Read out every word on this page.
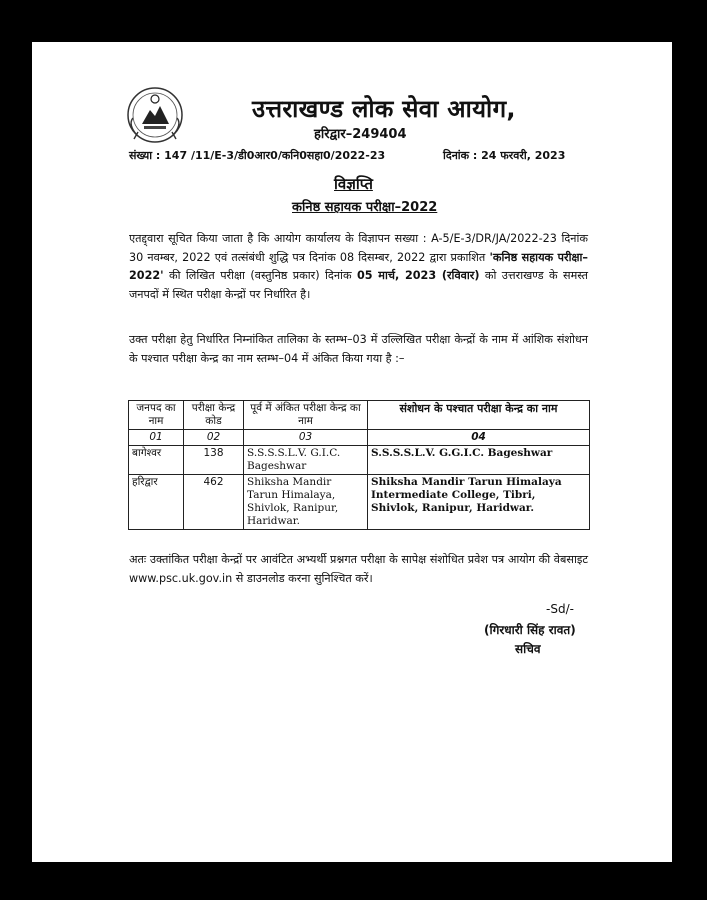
उत्तराखण्ड लोक सेवा आयोग,
हरिद्वार–249404
संख्या : 147 /11/E-3/डी0आर0/कनि0सहा0/2022-23	दिनांक : 24 फरवरी, 2023
विज्ञप्ति
कनिष्ठ सहायक परीक्षा–2022
एतद्द्वारा सूचित किया जाता है कि आयोग कार्यालय के विज्ञापन सख्या : A-5/E-3/DR/JA/2022-23 दिनांक 30 नवम्बर, 2022 एवं तत्संबंधी शुद्धि पत्र दिनांक 08 दिसम्बर, 2022 द्वारा प्रकाशित 'कनिष्ठ सहायक परीक्षा–2022' की लिखित परीक्षा (वस्तुनिष्ठ प्रकार) दिनांक 05 मार्च, 2023 (रविवार) को उत्तराखण्ड के समस्त जनपदों में स्थित परीक्षा केन्द्रों पर निर्धारित है।
उक्त परीक्षा हेतु निर्धारित निम्नांकित तालिका के स्तम्भ–03 में उल्लिखित परीक्षा केन्द्रों के नाम में आंशिक संशोधन के पश्चात परीक्षा केन्द्र का नाम स्तम्भ–04 में अंकित किया गया है :–
जनपद का नाम	परीक्षा केन्द्र कोड	पूर्व में अंकित परीक्षा केन्द्र का नाम	संशोधन के पश्चात परीक्षा केन्द्र का नाम
01	02	03	04
बागेश्वर	138	S.S.S.S.L.V. G.I.C. Bageshwar	S.S.S.S.L.V. G.G.I.C. Bageshwar
हरिद्वार	462	Shiksha Mandir Tarun Himalaya, Shivlok, Ranipur, Haridwar.	Shiksha Mandir Tarun Himalaya Intermediate College, Tibri, Shivlok, Ranipur, Haridwar.
अतः उक्तांकित परीक्षा केन्द्रों पर आवंटित अभ्यर्थी प्रश्नगत परीक्षा के सापेक्ष संशोधित प्रवेश पत्र आयोग की वेबसाइट www.psc.uk.gov.in से डाउनलोड करना सुनिश्चित करें।
-Sd/-
(गिरधारी सिंह रावत)
सचिव
